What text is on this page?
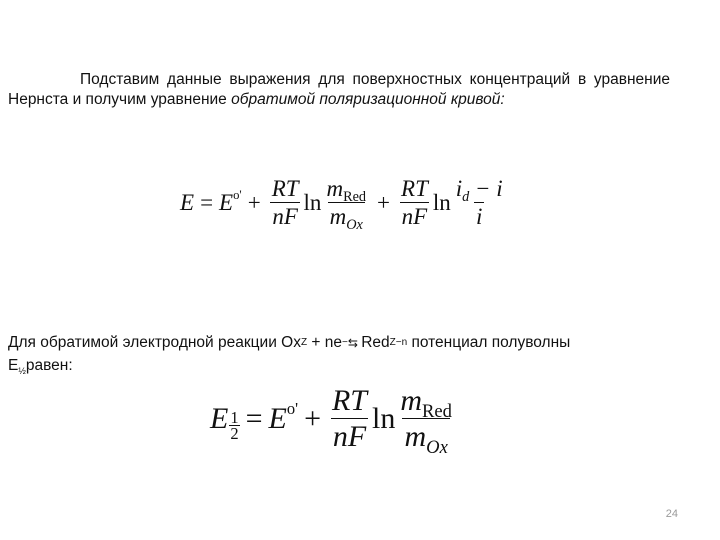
Подставим данные выражения для поверхностных концентраций в уравнение Нернста и получим уравнение обратимой поляризационной кривой:
E = E $o' + \frac{RT}{nF}$ $\ln \frac{m_{Red}}{m_{Ox}} + \frac{RT}{nF}$ $\ln \frac{i_d - i}{i}$
Для обратимой электродной реакции $Ox^Z$ + ne−⇆ Red$^{Z-n}$ потенциал полуволны
$E_{\frac{1}{2}}равен$:
E $\frac{1}{2} = E$ $o' + \frac{RT}{nF}$ $\ln \frac{m_{Red}}{m_{Ox}}$
24
